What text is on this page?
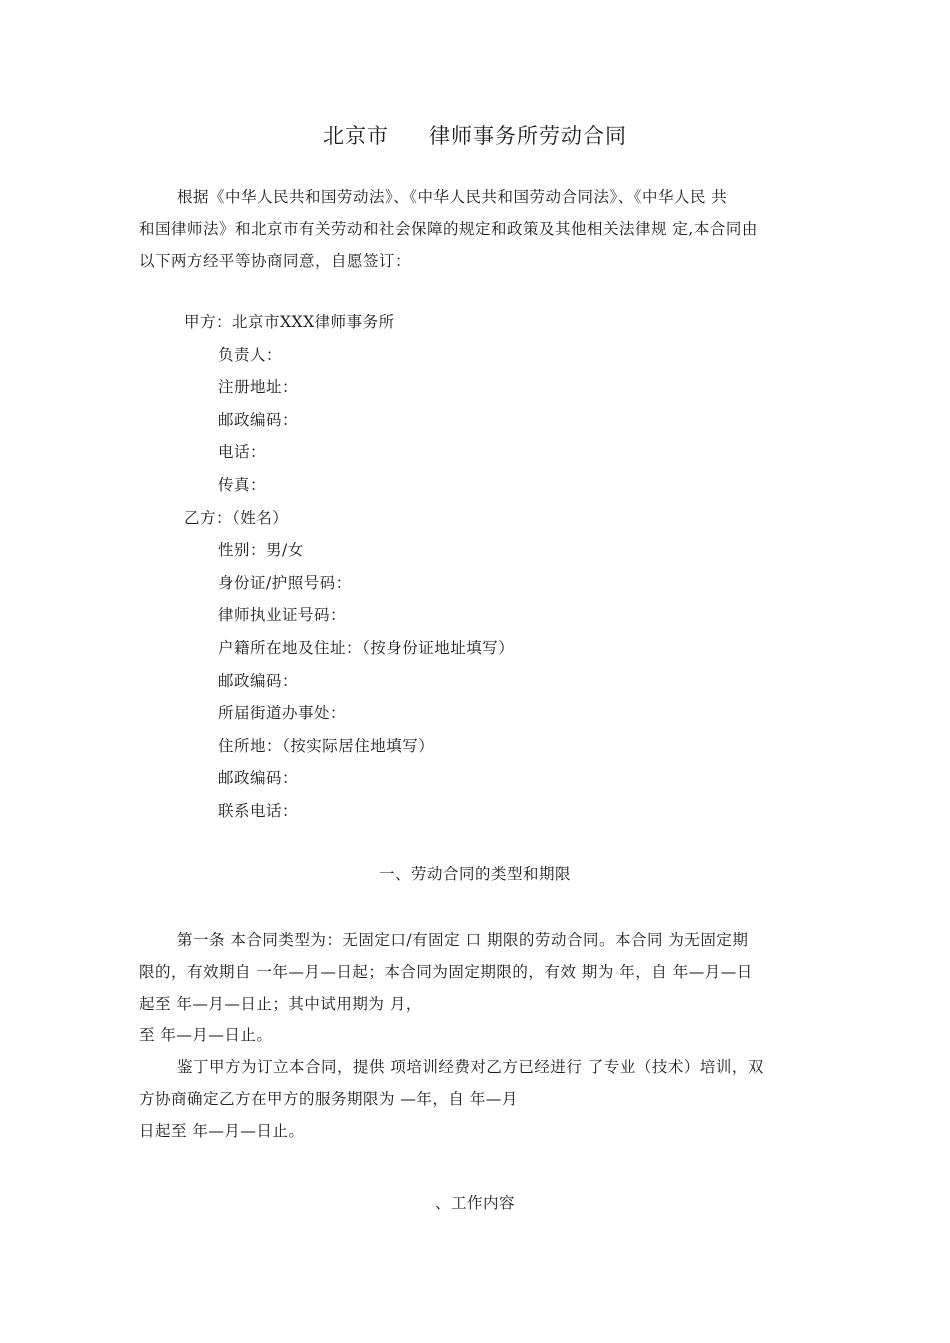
北京市 律师事务所劳动合同
根据《中华人民共和国劳动法》、《中华人民共和国劳动合同法》、《中华人民 共
和国律师法》和北京市有关劳动和社会保障的规定和政策及其他相关法律规 定,本合同由
以下两方经平等协商同意，自愿签订：
甲方：北京市XXX律师事务所
负责人：
注册地址：
邮政编码：
电话：
传真：
乙方：（姓名）
性别：男/女
身份证/护照号码：
律师执业证号码：
户籍所在地及住址：（按身份证地址填写）
邮政编码：
所届街道办事处：
住所地：（按实际居住地填写）
邮政编码：
联系电话：
一、劳动合同的类型和期限
第一条 本合同类型为：无固定口/有固定 口 期限的劳动合同。本合同 为无固定期
限的，有效期自 一年—月—日起；本合同为固定期限的，有效 期为 年，自 年—月—日
起至 年—月—日止；其中试用期为 月，
至 年—月—日止。
鉴丁甲方为订立本合同，提供 项培训经费对乙方已经进行 了专业（技术）培训，双
方协商确定乙方在甲方的服务期限为 —年，自 年—月
日起至 年—月—日止。
、工作内容
